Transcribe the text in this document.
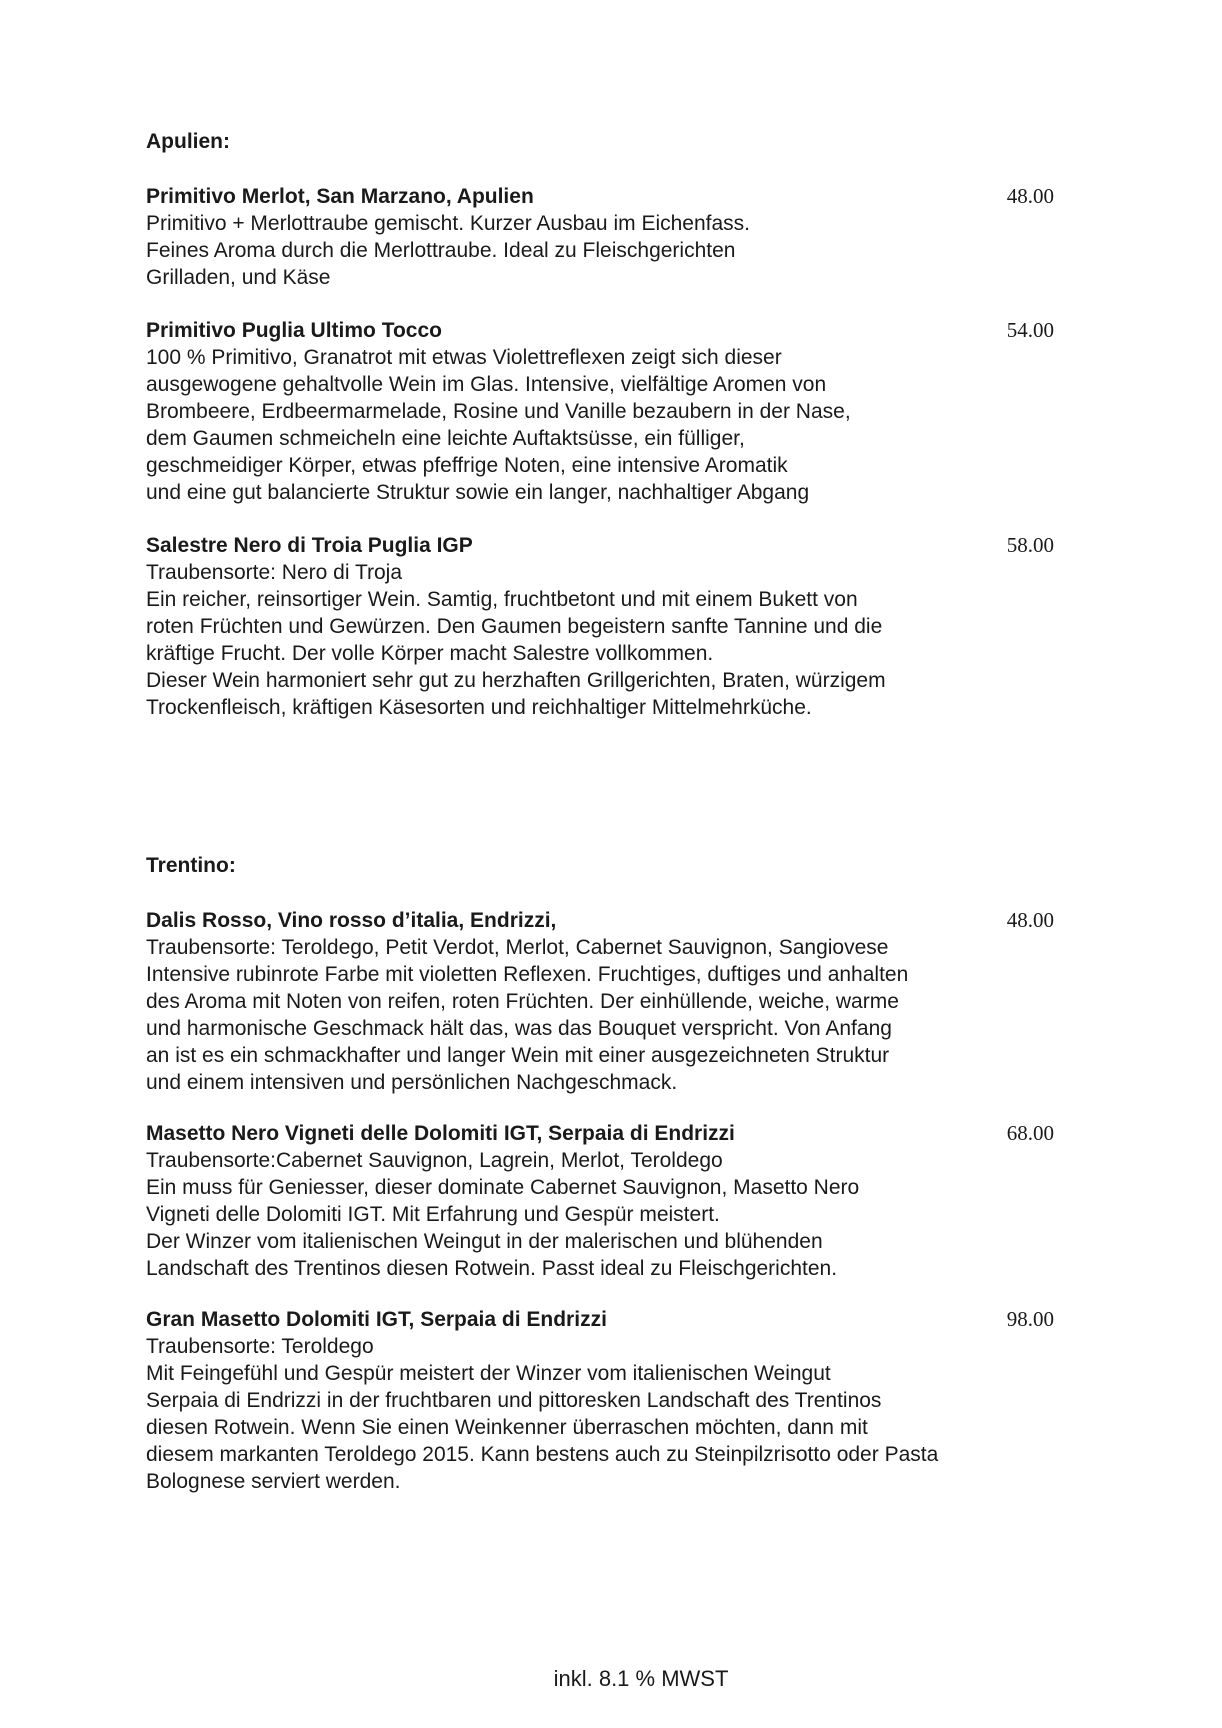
Apulien:
Primitivo Merlot, San Marzano, Apulien	48.00
Primitivo + Merlottraube gemischt. Kurzer Ausbau im Eichenfass.
Feines Aroma durch die Merlottraube. Ideal zu Fleischgerichten
Grilladen, und Käse
Primitivo Puglia Ultimo Tocco	54.00
100 % Primitivo, Granatrot mit etwas Violettreflexen zeigt sich dieser
ausgewogene gehaltvolle Wein im Glas. Intensive, vielfältige Aromen von
Brombeere, Erdbeermarmelade, Rosine und Vanille bezaubern in der Nase,
dem Gaumen schmeicheln eine leichte Auftaktsüsse, ein fülliger,
geschmeidiger Körper, etwas pfeffrige Noten, eine intensive Aromatik
und eine gut balancierte Struktur sowie ein langer, nachhaltiger Abgang
Salestre Nero di Troia Puglia IGP	58.00
Traubensorte: Nero di Troja
Ein reicher, reinsortiger Wein. Samtig, fruchtbetont und mit einem Bukett von
roten Früchten und Gewürzen. Den Gaumen begeistern sanfte Tannine und die
kräftige Frucht. Der volle Körper macht Salestre vollkommen.
Dieser Wein harmoniert sehr gut zu herzhaften Grillgerichten, Braten, würzigem
Trockenfleisch, kräftigen Käsesorten und reichhaltiger Mittelmehrküche.
Trentino:
Dalis Rosso, Vino rosso d’italia, Endrizzi,	48.00
Traubensorte: Teroldego, Petit Verdot, Merlot, Cabernet Sauvignon, Sangiovese
Intensive rubinrote Farbe mit violetten Reflexen. Fruchtiges, duftiges und anhalten
des Aroma mit Noten von reifen, roten Früchten. Der einhüllende, weiche, warme
und harmonische Geschmack hält das, was das Bouquet verspricht. Von Anfang
an ist es ein schmackhafter und langer Wein mit einer ausgezeichneten Struktur
und einem intensiven und persönlichen Nachgeschmack.
Masetto Nero Vigneti delle Dolomiti IGT, Serpaia di Endrizzi	68.00
Traubensorte:Cabernet Sauvignon, Lagrein, Merlot, Teroldego
Ein muss für Geniesser, dieser dominate Cabernet Sauvignon, Masetto Nero
Vigneti delle Dolomiti IGT. Mit Erfahrung und Gespür meistert.
Der Winzer vom italienischen Weingut in der malerischen und blühenden
Landschaft des Trentinos diesen Rotwein. Passt ideal zu Fleischgerichten.
Gran Masetto Dolomiti IGT, Serpaia di Endrizzi	98.00
Traubensorte: Teroldego
Mit Feingefühl und Gespür meistert der Winzer vom italienischen Weingut
Serpaia di Endrizzi in der fruchtbaren und pittoresken Landschaft des Trentinos
diesen Rotwein. Wenn Sie einen Weinkenner überraschen möchten, dann mit
diesem markanten Teroldego 2015. Kann bestens auch zu Steinpilzrisotto oder Pasta
Bolognese serviert werden.
inkl. 8.1 % MWST
